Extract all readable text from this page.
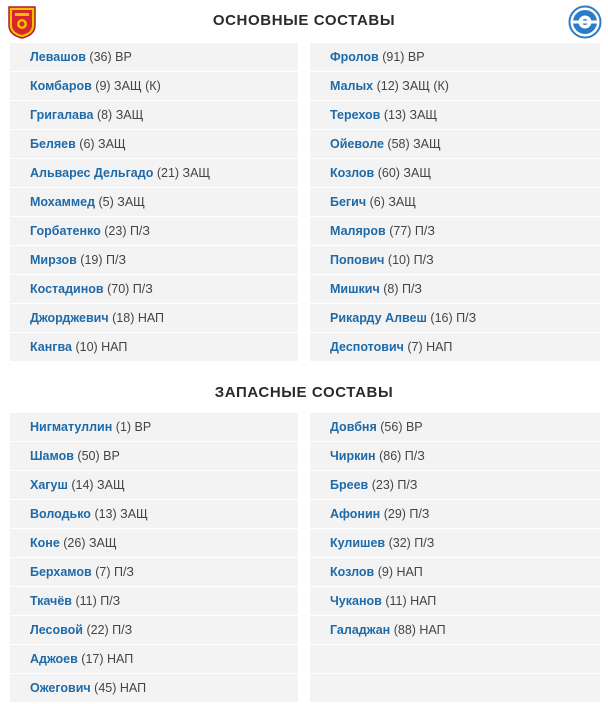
ОСНОВНЫЕ СОСТАВЫ
Левашов (36) ВР
Комбаров (9) ЗАЩ (К)
Григалава (8) ЗАЩ
Беляев (6) ЗАЩ
Альварес Дельгадо (21) ЗАЩ
Мохаммед (5) ЗАЩ
Горбатенко (23) П/З
Мирзов (19) П/З
Костадинов (70) П/З
Джорджевич (18) НАП
Кангва (10) НАП
Фролов (91) ВР
Малых (12) ЗАЩ (К)
Терехов (13) ЗАЩ
Ойеволе (58) ЗАЩ
Козлов (60) ЗАЩ
Бегич (6) ЗАЩ
Маляров (77) П/З
Попович (10) П/З
Мишкич (8) П/З
Рикарду Алвеш (16) П/З
Деспотович (7) НАП
ЗАПАСНЫЕ СОСТАВЫ
Нигматуллин (1) ВР
Шамов (50) ВР
Хагуш (14) ЗАЩ
Володько (13) ЗАЩ
Коне (26) ЗАЩ
Берхамов (7) П/З
Ткачёв (11) П/З
Лесовой (22) П/З
Аджоев (17) НАП
Ожегович (45) НАП
Довбня (56) ВР
Чиркин (86) П/З
Бреев (23) П/З
Афонин (29) П/З
Кулишев (32) П/З
Козлов (9) НАП
Чуканов (11) НАП
Галаджан (88) НАП
